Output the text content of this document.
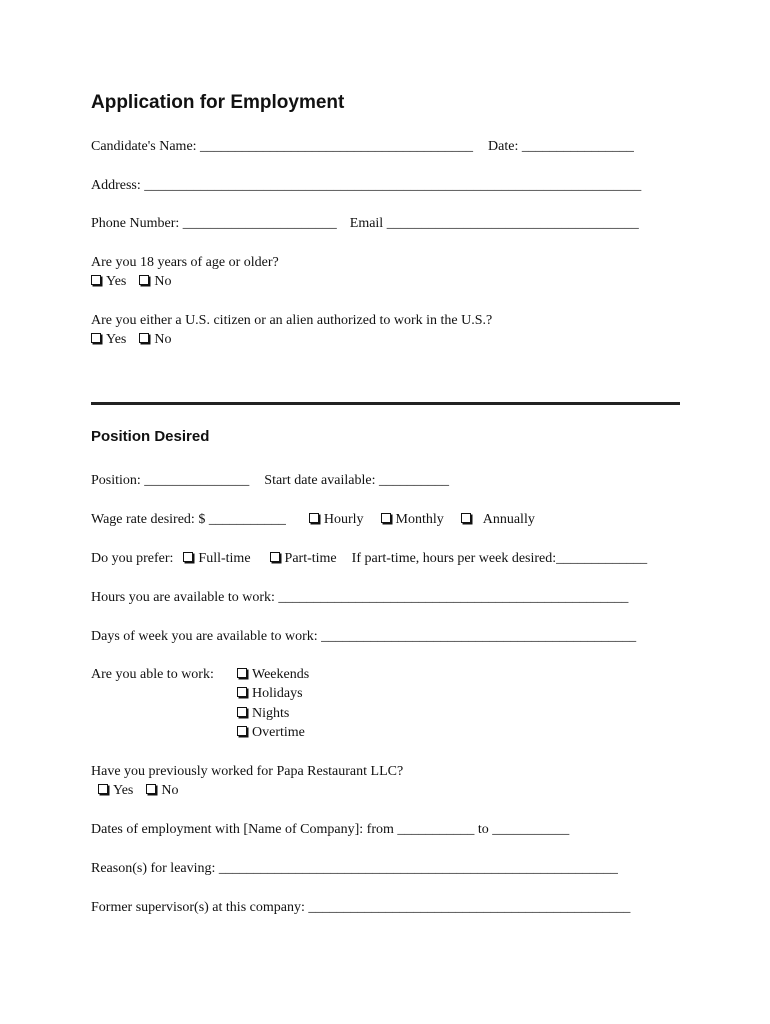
Application for Employment
Candidate's Name: _______________________________________ Date: ________________
Address: _______________________________________________________________________
Phone Number: ______________________ Email ____________________________________
Are you 18 years of age or older?
Yes No
Are you either a U.S. citizen or an alien authorized to work in the U.S.?
Yes No
Position Desired
Position: _______________ Start date available: __________
Wage rate desired: $ ___________	Hourly Monthly	Annually
Do you prefer: Full-time Part-time If part-time, hours per week desired:_____________
Hours you are available to work: __________________________________________________
Days of week you are available to work: _____________________________________________
Are you able to work:	Weekends
Holidays
Nights
Overtime
Have you previously worked for Papa Restaurant LLC?
Yes No
Dates of employment with [Name of Company]: from ___________ to ___________
Reason(s) for leaving: _________________________________________________________
Former supervisor(s) at this company: ______________________________________________
